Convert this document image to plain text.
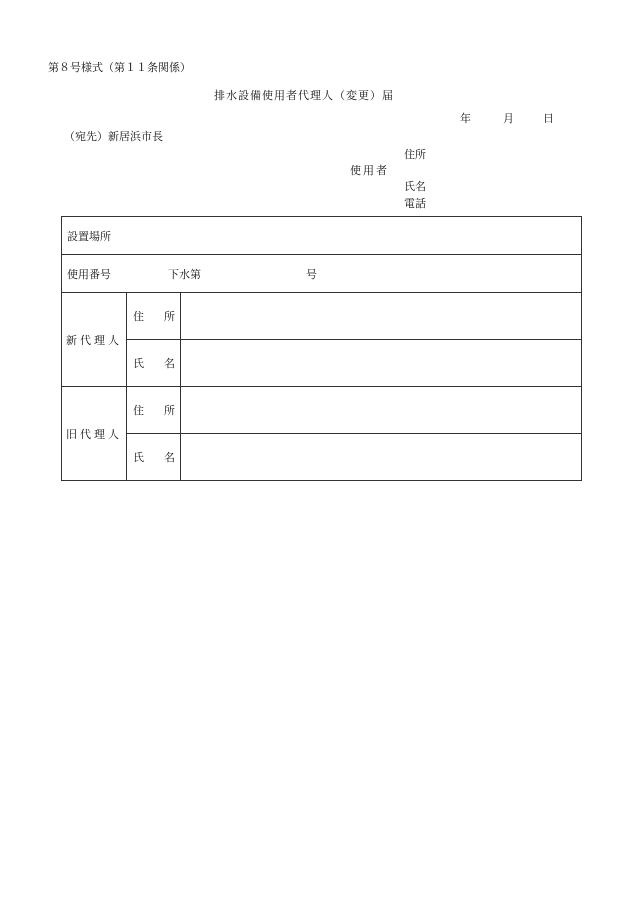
第８号様式（第１１条関係）
排水設備使用者代理人（変更）届
年	月	日
（宛先）新居浜市長
住所
使用者
氏名
電話
設置場所		
使用番号 下水第 号		
新代理人	住 所	

	氏 名	

旧代理人	住 所	

	氏 名	
